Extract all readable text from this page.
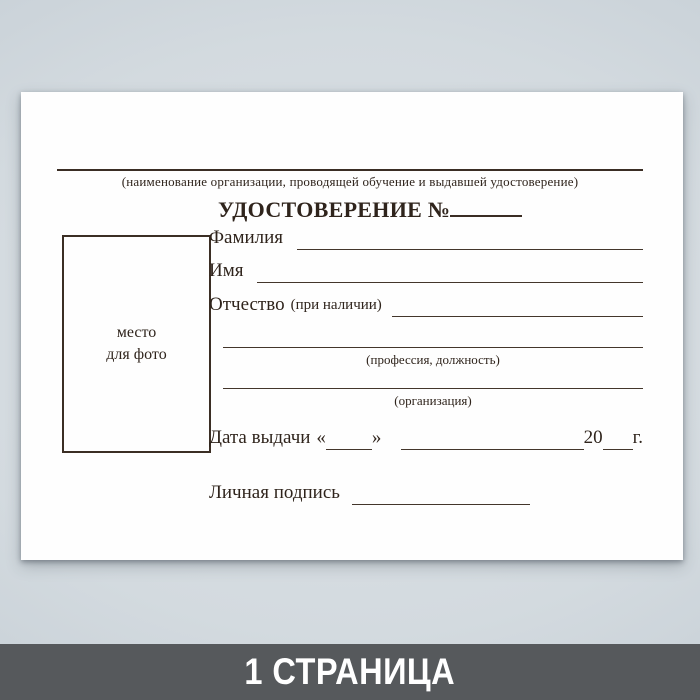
(наименование организации, проводящей обучение и выдавшей удостоверение)
место
для фото
УДОСТОВЕРЕНИЕ №
Фамилия
Имя
Отчество (при наличии)
(профессия, должность)
(организация)
Дата выдачи « »	20 г.
Личная подпись
1 СТРАНИЦА
